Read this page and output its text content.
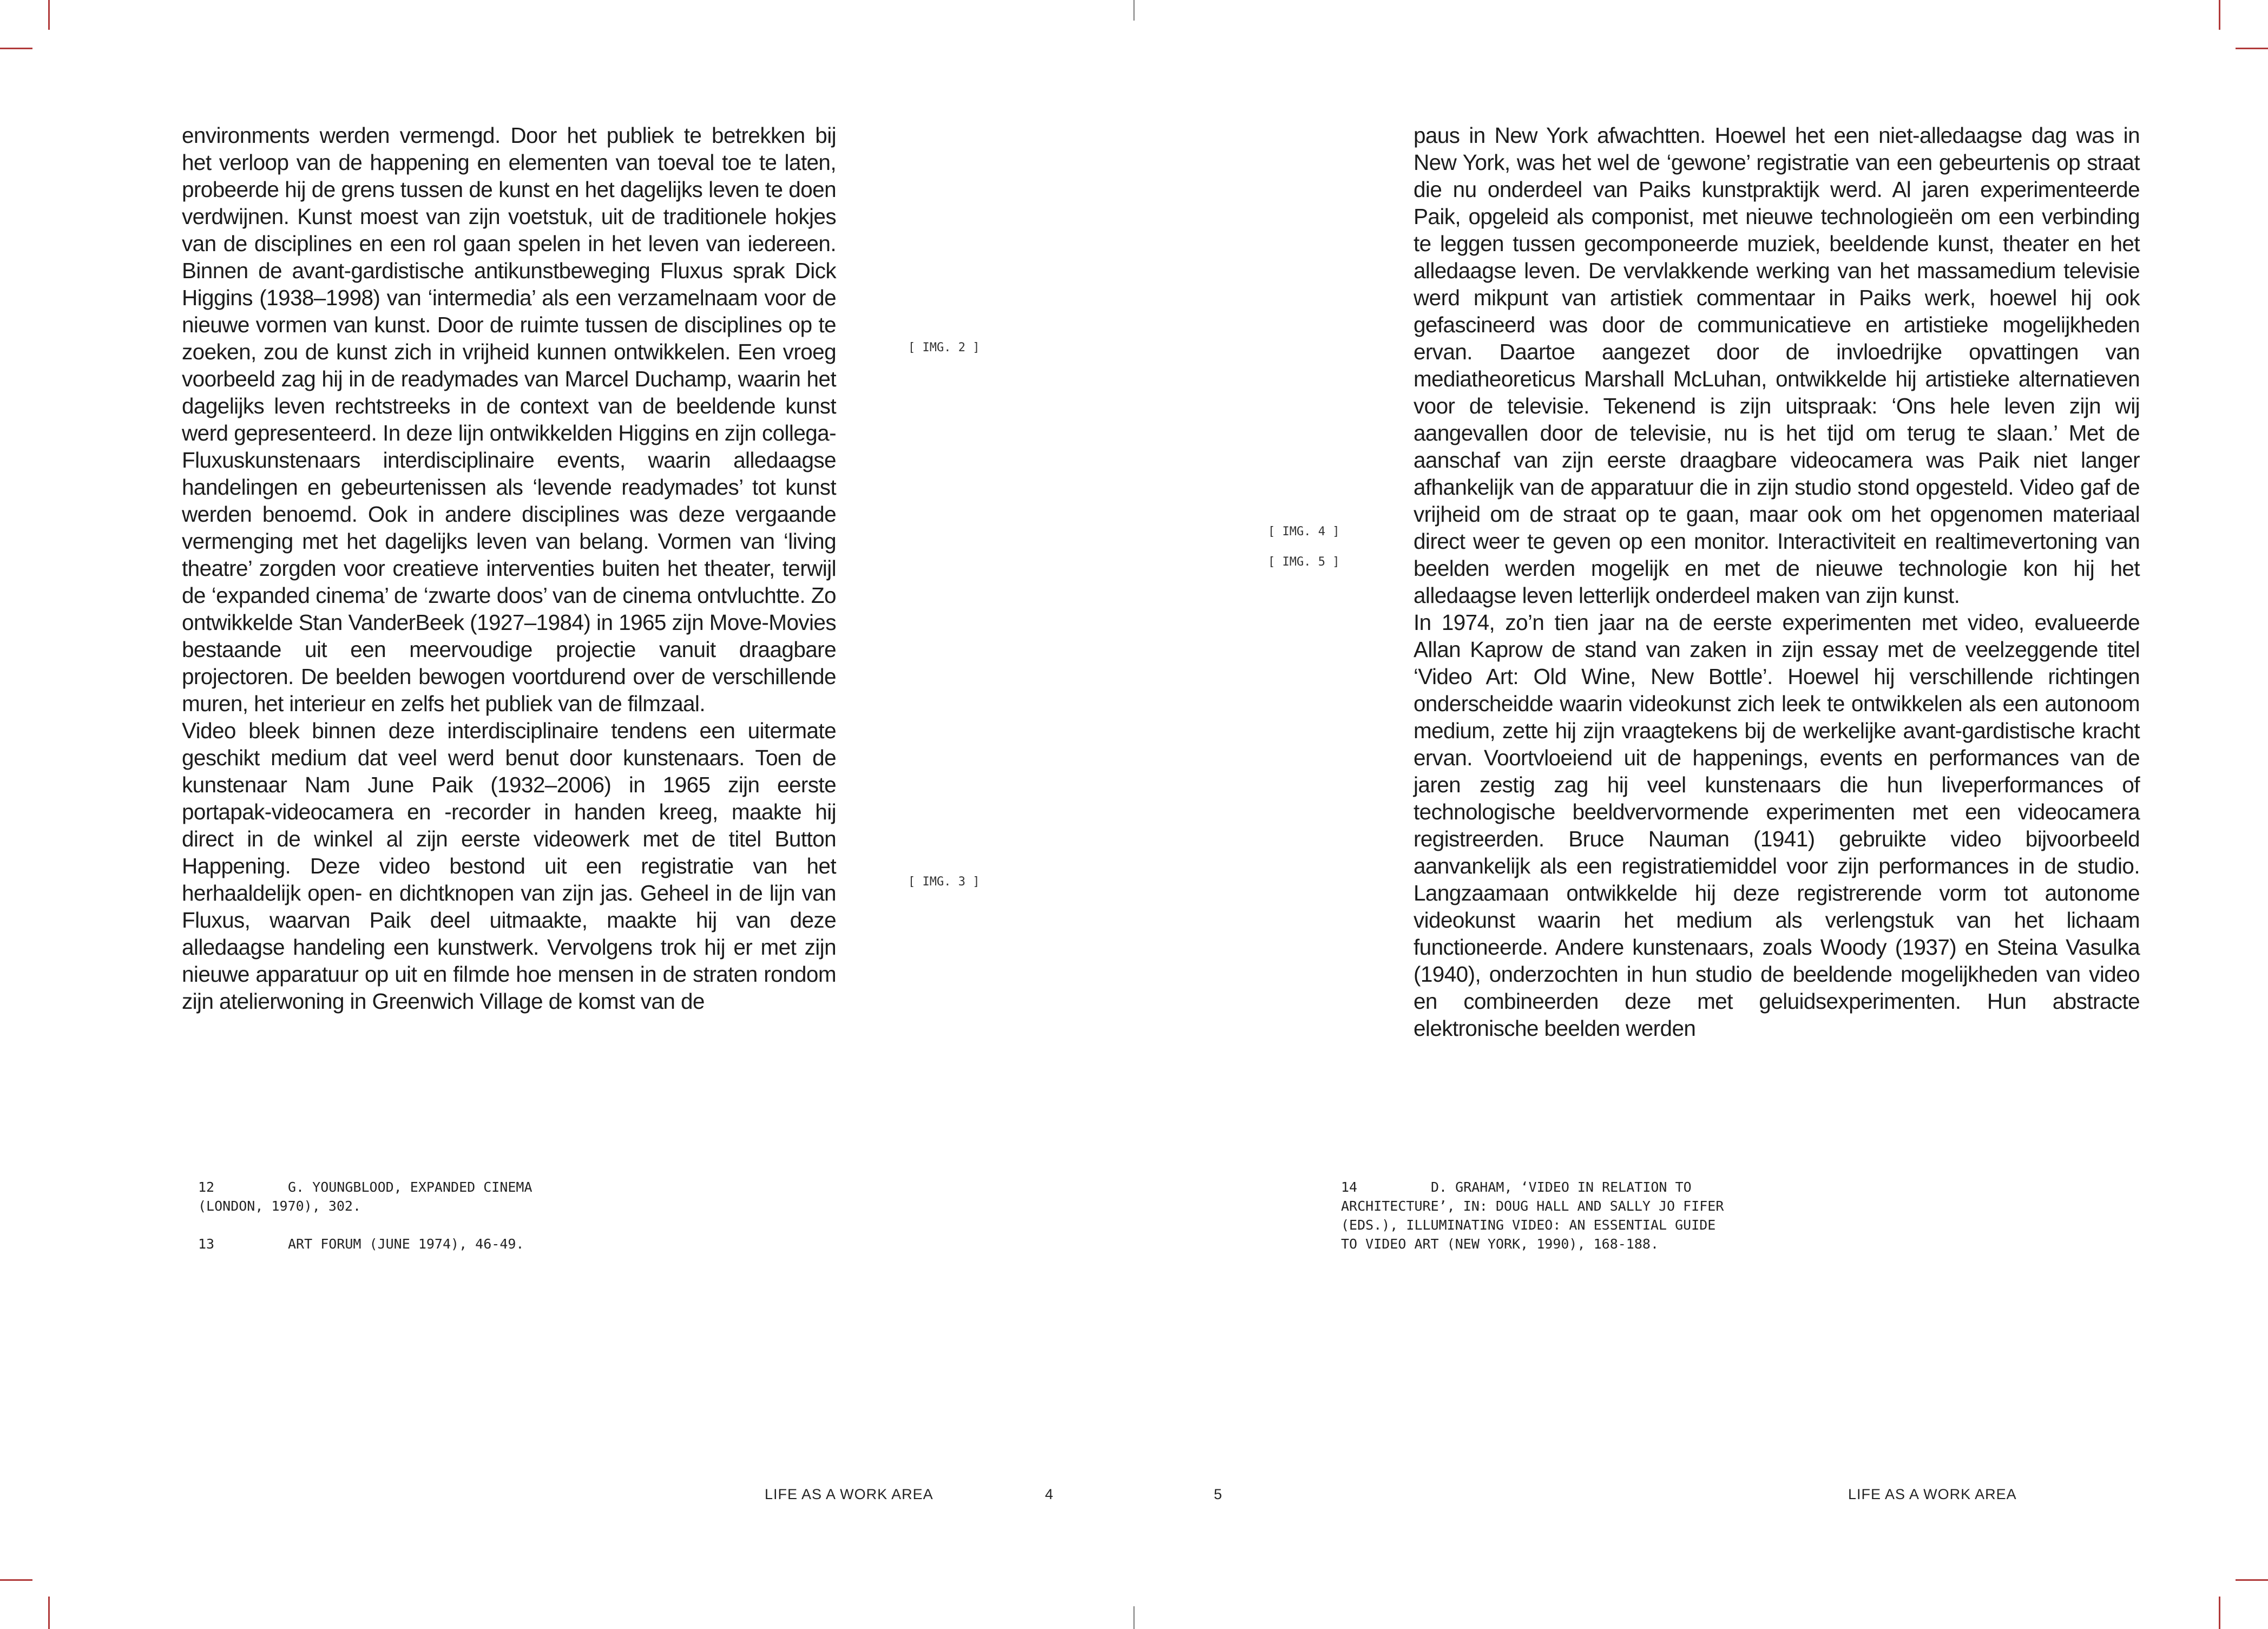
environments werden vermengd. Door het publiek te betrekken bij het verloop van de happening en elementen van toeval toe te laten, probeerde hij de grens tussen de kunst en het dagelijks leven te doen verdwijnen. Kunst moest van zijn voetstuk, uit de traditionele hokjes van de disciplines en een rol gaan spelen in het leven van iedereen. Binnen de avant-gardistische antikunstbeweging Fluxus sprak Dick Higgins (1938–1998) van ‘intermedia’ als een verzamelnaam voor de nieuwe vormen van kunst. Door de ruimte tussen de disciplines op te zoeken, zou de kunst zich in vrijheid kunnen ontwikkelen. Een vroeg voorbeeld zag hij in de readymades van Marcel Duchamp, waarin het dagelijks leven rechtstreeks in de context van de beeldende kunst werd gepresenteerd. In deze lijn ontwikkelden Higgins en zijn collega-Fluxuskunstenaars interdisciplinaire events, waarin alledaagse handelingen en gebeurtenissen als ‘levende readymades’ tot kunst werden benoemd. Ook in andere disciplines was deze vergaande vermenging met het dagelijks leven van belang. Vormen van ‘living theatre’ zorgden voor creatieve interventies buiten het theater, terwijl de ‘expanded cinema’ de ‘zwarte doos’ van de cinema ontvluchtte. Zo ontwikkelde Stan VanderBeek (1927–1984) in 1965 zijn Move-Movies bestaande uit een meervoudige projectie vanuit draagbare projectoren. De beelden bewogen voortdurend over de verschillende muren, het interieur en zelfs het publiek van de filmzaal.

Video bleek binnen deze interdisciplinaire tendens een uitermate geschikt medium dat veel werd benut door kunstenaars. Toen de kunstenaar Nam June Paik (1932–2006) in 1965 zijn eerste portapak-videocamera en -recorder in handen kreeg, maakte hij direct in de winkel al zijn eerste videowerk met de titel Button Happening. Deze video bestond uit een registratie van het herhaaldelijk open- en dichtknopen van zijn jas. Geheel in de lijn van Fluxus, waarvan Paik deel uitmaakte, maakte hij van deze alledaagse handeling een kunstwerk. Vervolgens trok hij er met zijn nieuwe apparatuur op uit en filmde hoe mensen in de straten rondom zijn atelierwoning in Greenwich Village de komst van de

[ IMG. 2 ]
[ IMG. 3 ]
12	G. YOUNGBLOOD, EXPANDED CINEMA
(LONDON, 1970), 302.
13	ART FORUM (JUNE 1974), 46-49.
LIFE AS A WORK AREA	4

paus in New York afwachtten. Hoewel het een niet-alledaagse dag was in New York, was het wel de ‘gewone’ registratie van een gebeurtenis op straat die nu onderdeel van Paiks kunstpraktijk werd. Al jaren experimenteerde Paik, opgeleid als componist, met nieuwe technologieën om een verbinding te leggen tussen gecomponeerde muziek, beeldende kunst, theater en het alledaagse leven. De vervlakkende werking van het massamedium televisie werd mikpunt van artistiek commentaar in Paiks werk, hoewel hij ook gefascineerd was door de communicatieve en artistieke mogelijkheden ervan. Daartoe aangezet door de invloedrijke opvattingen van mediatheoreticus Marshall McLuhan, ontwikkelde hij artistieke alternatieven voor de televisie. Tekenend is zijn uitspraak: ‘Ons hele leven zijn wij aangevallen door de televisie, nu is het tijd om terug te slaan.’ Met de aanschaf van zijn eerste draagbare videocamera was Paik niet langer afhankelijk van de apparatuur die in zijn studio stond opgesteld. Video gaf de vrijheid om de straat op te gaan, maar ook om het opgenomen materiaal direct weer te geven op een monitor. Interactiviteit en realtimevertoning van beelden werden mogelijk en met de nieuwe technologie kon hij het alledaagse leven letterlijk onderdeel maken van zijn kunst.

In 1974, zo’n tien jaar na de eerste experimenten met video, evalueerde Allan Kaprow de stand van zaken in zijn essay met de veelzeggende titel ‘Video Art: Old Wine, New Bottle’. Hoewel hij verschillende richtingen onderscheidde waarin videokunst zich leek te ontwikkelen als een autonoom medium, zette hij zijn vraagtekens bij de werkelijke avant-gardistische kracht ervan. Voortvloeiend uit de happenings, events en performances van de jaren zestig zag hij veel kunstenaars die hun liveperformances of technologische beeldvervormende experimenten met een videocamera registreerden. Bruce Nauman (1941) gebruikte video bijvoorbeeld aanvankelijk als een registratiemiddel voor zijn performances in de studio. Langzaamaan ontwikkelde hij deze registrerende vorm tot autonome videokunst waarin het medium als verlengstuk van het lichaam functioneerde. Andere kunstenaars, zoals Woody (1937) en Steina Vasulka (1940), onderzochten in hun studio de beeldende mogelijkheden van video en combineerden deze met geluidsexperimenten. Hun abstracte elektronische beelden werden

[ IMG. 4 ]
[ IMG. 5 ]
14	D. GRAHAM, ‘VIDEO IN RELATION TO
ARCHITECTURE’, IN: DOUG HALL AND SALLY JO FIFER
(EDS.), ILLUMINATING VIDEO: AN ESSENTIAL GUIDE
TO VIDEO ART (NEW YORK, 1990), 168-188.
5	LIFE AS A WORK AREA
